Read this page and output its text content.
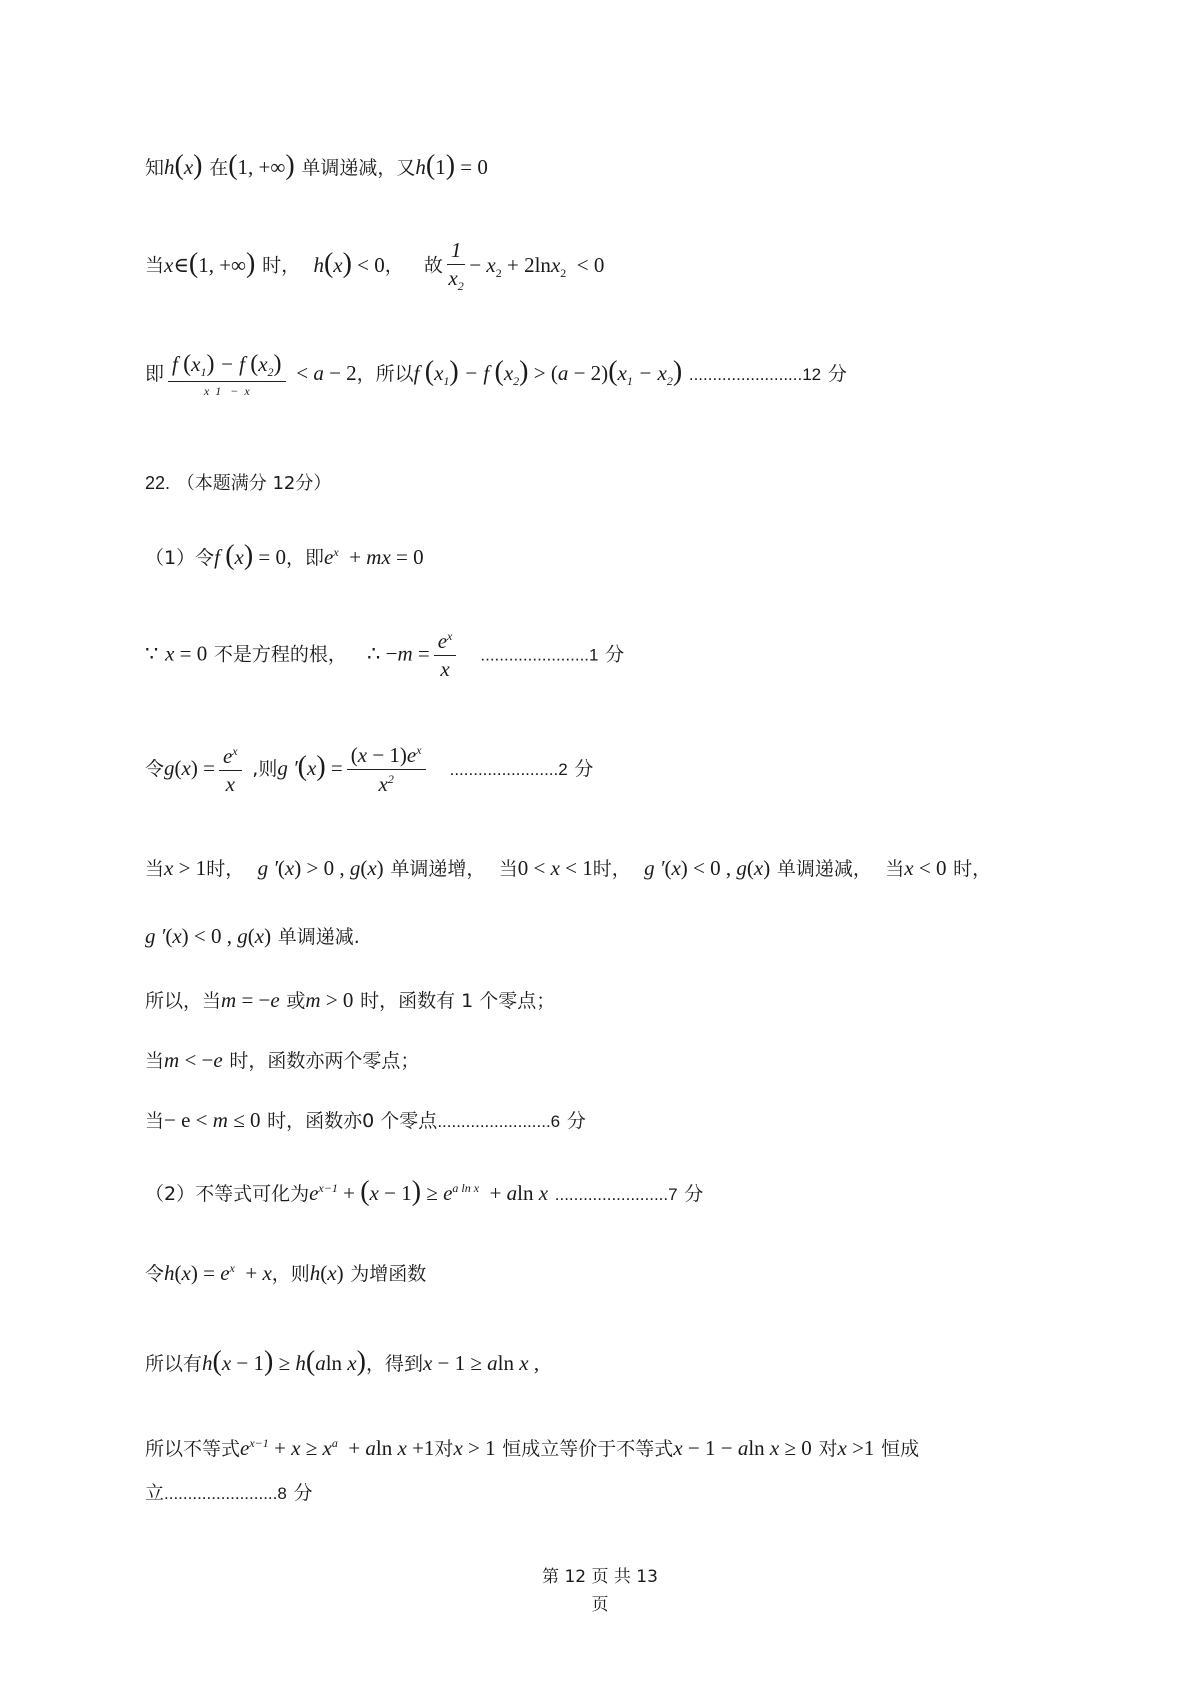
知h(x) 在(1, +∞) 单调递减，又h(1) = 0
当x∈(1, +∞) 时， h(x) < 0， 故 $\frac{1}{x_2} - x_2 + 2\ln x_2 < 0$
即 $\frac{f (x_1) - f (x_2)}{x 1 - x} < a - 2$，所以f $(x_1) - f$ $(x_2) > (a - 2)(x_1 - x_2)$ ........................12 分
22. （本题满分 12分）
（1）令f (x) = 0，即$e^x$ + mx = 0
∵ x = 0 不是方程的根， ∴ $-m = \frac{e^x}{x} .......................1$ 分
令$g(x) = \frac{e^x}{x}$ ,则g $'(x) = \frac{(x - 1)e^x}{x^2} .......................2$ 分
当x > 1时， g ′(x) > 0 , g(x) 单调递增， 当0 < x < 1时， g ′(x) < 0 , g(x) 单调递减， 当x < 0 时，
g ′(x) < 0 , g(x) 单调递减.
所以，当m = −e 或m > 0 时，函数有 1 个零点；
当m < −e 时，函数亦两个零点；
当− e < m ≤ 0 时，函数亦0 个零点........................6 分
（2）不等式可化为$e^{x-1} + (x - 1) \ge e^{a ln x} + aln$ x ........................7 分
令$h(x) = e^x + x$，则h(x) 为增函数
所以有h(x − 1) ≥ h(aln x)，得到x − 1 ≥ aln x ,
所以不等式$e^{x-1} + x \ge x^a + aln$ x +1对x > 1 恒成立等价于不等式x − 1 − aln x ≥ 0 对x >1 恒成
立........................8 分
第 12 页 共 13
页
